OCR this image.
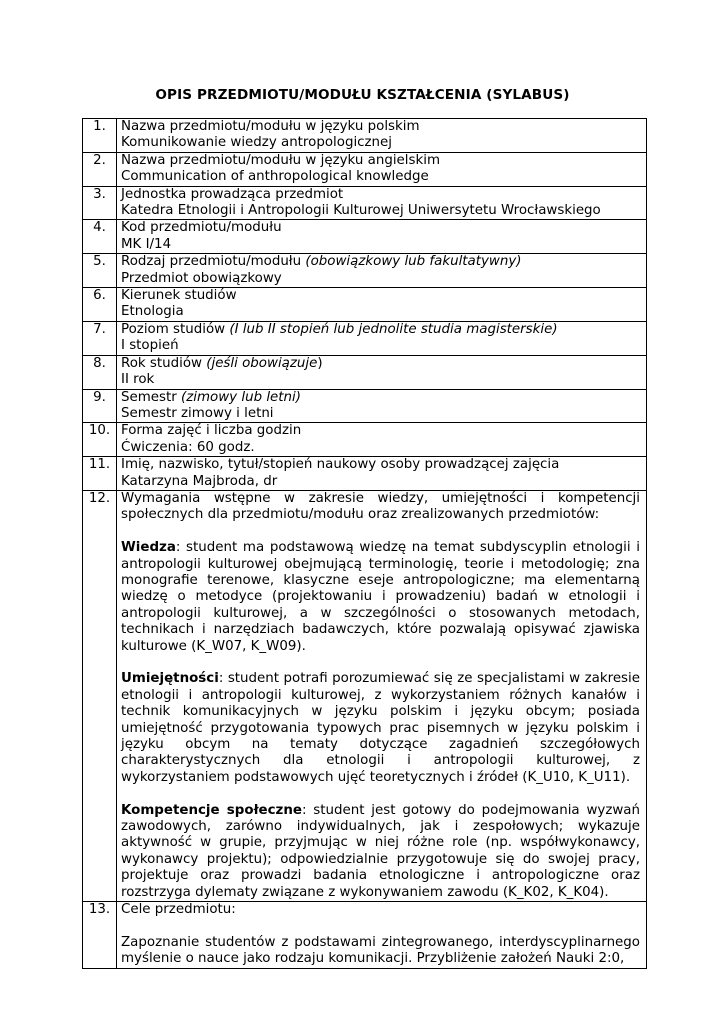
OPIS PRZEDMIOTU/MODUŁU KSZTAŁCENIA (SYLABUS)
1.	Nazwa przedmiotu/modułu w języku polskim
Komunikowanie wiedzy antropologicznej

2.	Nazwa przedmiotu/modułu w języku angielskim
Communication of anthropological knowledge

3.	Jednostka prowadząca przedmiot
Katedra Etnologii i Antropologii Kulturowej Uniwersytetu Wrocławskiego

4.	Kod przedmiotu/modułu
MK I/14

5.	Rodzaj przedmiotu/modułu (obowiązkowy lub fakultatywny)
Przedmiot obowiązkowy

6.	Kierunek studiów
Etnologia

7.	Poziom studiów (I lub II stopień lub jednolite studia magisterskie)
I stopień

8.	Rok studiów (jeśli obowiązuje)
II rok

9.	Semestr (zimowy lub letni)
Semestr zimowy i letni

10.	Forma zajęć i liczba godzin
Ćwiczenia: 60 godz.

11.	Imię, nazwisko, tytuł/stopień naukowy osoby prowadzącej zajęcia
Katarzyna Majbroda, dr

12.	Wymagania wstępne w zakresie wiedzy, umiejętności i kompetencji społecznych dla przedmiotu/modułu oraz zrealizowanych przedmiotów:
Wiedza: student ma podstawową wiedzę na temat subdyscyplin etnologii i antropologii kulturowej obejmującą terminologię, teorie i metodologię; zna monografie terenowe, klasyczne eseje antropologiczne; ma elementarną wiedzę o metodyce (projektowaniu i prowadzeniu) badań w etnologii i antropologii kulturowej, a w szczególności o stosowanych metodach, technikach i narzędziach badawczych, które pozwalają opisywać zjawiska kulturowe (K_W07, K_W09).
Umiejętności: student potrafi porozumiewać się ze specjalistami w zakresie etnologii i antropologii kulturowej, z wykorzystaniem różnych kanałów i technik komunikacyjnych w języku polskim i języku obcym; posiada umiejętność przygotowania typowych prac pisemnych w języku polskim i języku obcym na tematy dotyczące zagadnień szczegółowych charakterystycznych dla etnologii i antropologii kulturowej, z wykorzystaniem podstawowych ujęć teoretycznych i źródeł (K_U10, K_U11).
Kompetencje społeczne: student jest gotowy do podejmowania wyzwań zawodowych, zarówno indywidualnych, jak i zespołowych; wykazuje aktywność w grupie, przyjmując w niej różne role (np. współwykonawcy, wykonawcy projektu); odpowiedzialnie przygotowuje się do swojej pracy, projektuje oraz prowadzi badania etnologiczne i antropologiczne oraz rozstrzyga dylematy związane z wykonywaniem zawodu (K_K02, K_K04).

13.	Cele przedmiotu:
Zapoznanie studentów z podstawami zintegrowanego, interdyscyplinarnego myślenie o nauce jako rodzaju komunikacji. Przybliżenie założeń Nauki 2:0,
